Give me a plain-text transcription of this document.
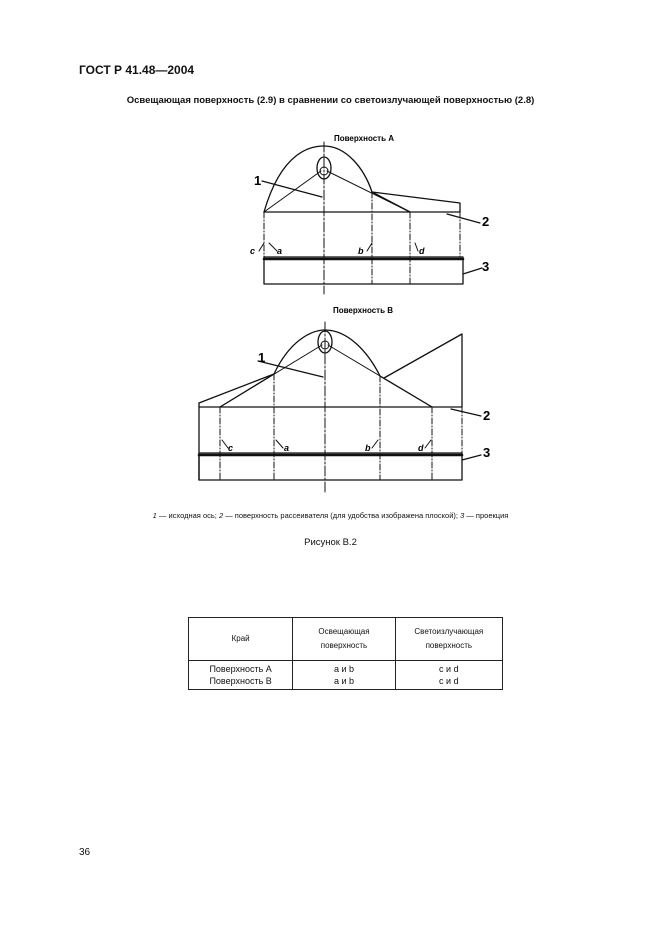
ГОСТ Р 41.48—2004
Освещающая поверхность (2.9) в сравнении со светоизлучающей поверхностью (2.8)
Поверхность A
1
2
3
c a	b	d
Поверхность B
1
2
3
c	a	b	d
1 — исходная ось; 2 — поверхность рассеивателя (для удобства изображена плоской); 3 — проекция
Рисунок В.2
Край	Освещающая поверхность	Светоизлучающая поверхность
Поверхность A	a и b	c и d
Поверхность B	a и b	c и d
36
